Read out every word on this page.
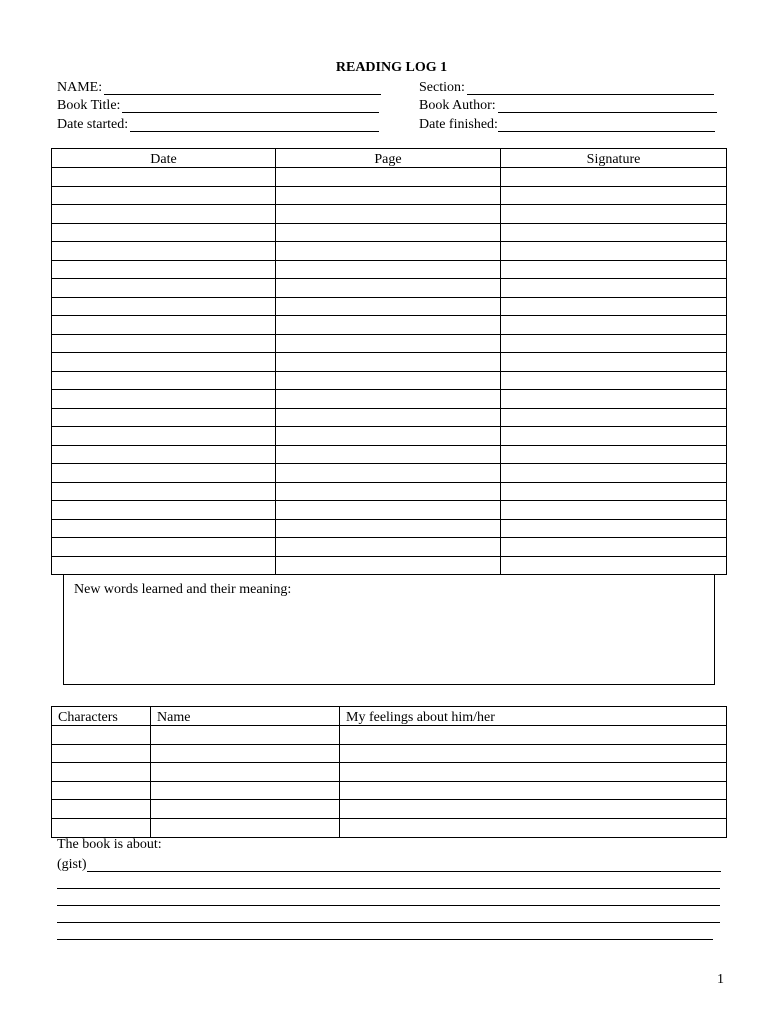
READING LOG 1
NAME:	Section:
Book Title:	Book Author:
Date started:	Date finished:
Date	Page	Signature

New words learned and their meaning:
Characters	Name	My feelings about him/her

The book is about:
(gist)
1
